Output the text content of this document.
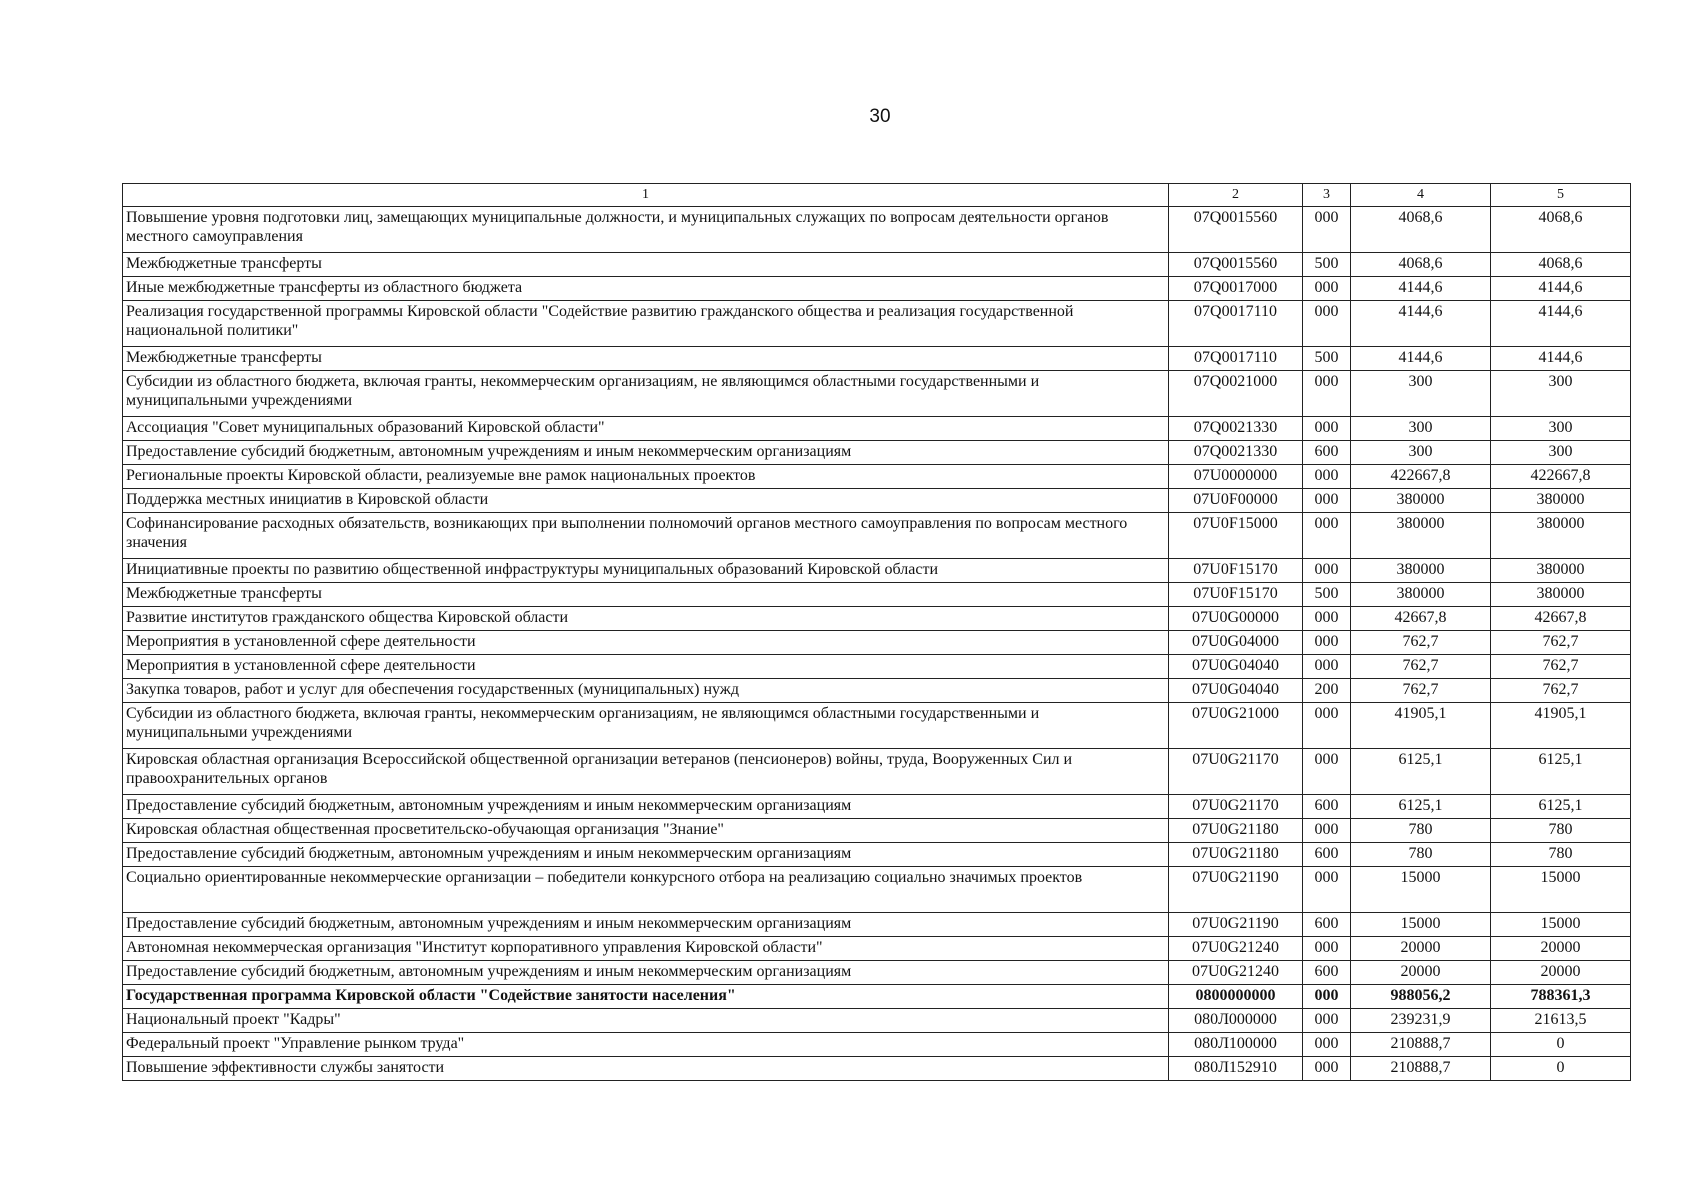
30
1	2	3	4	5
Повышение уровня подготовки лиц, замещающих муниципальные должности, и муниципальных служащих по вопросам деятельности органов местного самоуправления	07Q0015560	000	4068,6	4068,6
Межбюджетные трансферты	07Q0015560	500	4068,6	4068,6
Иные межбюджетные трансферты из областного бюджета	07Q0017000	000	4144,6	4144,6
Реализация государственной программы Кировской области "Содействие развитию гражданского общества и реализация государственной национальной политики"	07Q0017110	000	4144,6	4144,6
Межбюджетные трансферты	07Q0017110	500	4144,6	4144,6
Субсидии из областного бюджета, включая гранты, некоммерческим организациям, не являющимся областными государственными и муниципальными учреждениями	07Q0021000	000	300	300
Ассоциация "Совет муниципальных образований Кировской области"	07Q0021330	000	300	300
Предоставление субсидий бюджетным, автономным учреждениям и иным некоммерческим организациям	07Q0021330	600	300	300
Региональные проекты Кировской области, реализуемые вне рамок национальных проектов	07U0000000	000	422667,8	422667,8
Поддержка местных инициатив в Кировской области	07U0F00000	000	380000	380000
Софинансирование расходных обязательств, возникающих при выполнении полномочий органов местного самоуправления по вопросам местного значения	07U0F15000	000	380000	380000
Инициативные проекты по развитию общественной инфраструктуры муниципальных образований Кировской области	07U0F15170	000	380000	380000
Межбюджетные трансферты	07U0F15170	500	380000	380000
Развитие институтов гражданского общества Кировской области	07U0G00000	000	42667,8	42667,8
Мероприятия в установленной сфере деятельности	07U0G04000	000	762,7	762,7
Мероприятия в установленной сфере деятельности	07U0G04040	000	762,7	762,7
Закупка товаров, работ и услуг для обеспечения государственных (муниципальных) нужд	07U0G04040	200	762,7	762,7
Субсидии из областного бюджета, включая гранты, некоммерческим организациям, не являющимся областными государственными и муниципальными учреждениями	07U0G21000	000	41905,1	41905,1
Кировская областная организация Всероссийской общественной организации ветеранов (пенсионеров) войны, труда, Вооруженных Сил и правоохранительных органов	07U0G21170	000	6125,1	6125,1
Предоставление субсидий бюджетным, автономным учреждениям и иным некоммерческим организациям	07U0G21170	600	6125,1	6125,1
Кировская областная общественная просветительско-обучающая организация "Знание"	07U0G21180	000	780	780
Предоставление субсидий бюджетным, автономным учреждениям и иным некоммерческим организациям	07U0G21180	600	780	780
Социально ориентированные некоммерческие организации – победители конкурсного отбора на реализацию социально значимых проектов	07U0G21190	000	15000	15000
Предоставление субсидий бюджетным, автономным учреждениям и иным некоммерческим организациям	07U0G21190	600	15000	15000
Автономная некоммерческая организация "Институт корпоративного управления Кировской области"	07U0G21240	000	20000	20000
Предоставление субсидий бюджетным, автономным учреждениям и иным некоммерческим организациям	07U0G21240	600	20000	20000
Государственная программа Кировской области "Содействие занятости населения"	0800000000	000	988056,2	788361,3
Национальный проект "Кадры"	080Л000000	000	239231,9	21613,5
Федеральный проект "Управление рынком труда"	080Л100000	000	210888,7	0
Повышение эффективности службы занятости	080Л152910	000	210888,7	0
